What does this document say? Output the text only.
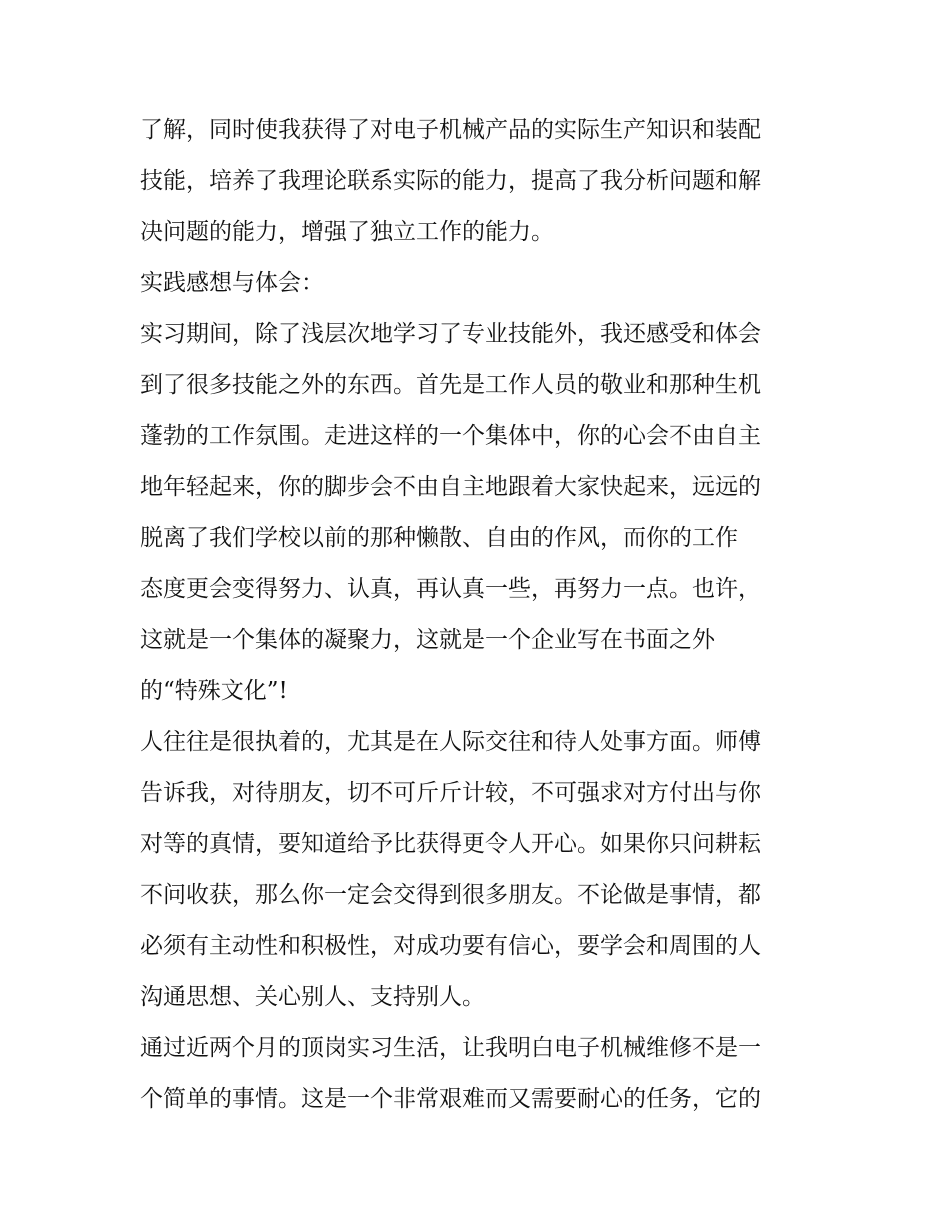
了解，同时使我获得了对电子机械产品的实际生产知识和装配
技能，培养了我理论联系实际的能力，提高了我分析问题和解
决问题的能力，增强了独立工作的能力。
实践感想与体会：
实习期间，除了浅层次地学习了专业技能外，我还感受和体会
到了很多技能之外的东西。首先是工作人员的敬业和那种生机
蓬勃的工作氛围。走进这样的一个集体中，你的心会不由自主
地年轻起来，你的脚步会不由自主地跟着大家快起来，远远的
脱离了我们学校以前的那种懒散、自由的作风，而你的工作
态度更会变得努力、认真，再认真一些，再努力一点。也许，
这就是一个集体的凝聚力，这就是一个企业写在书面之外
的“特殊文化”!
人往往是很执着的，尤其是在人际交往和待人处事方面。师傅
告诉我，对待朋友，切不可斤斤计较，不可强求对方付出与你
对等的真情，要知道给予比获得更令人开心。如果你只问耕耘
不问收获，那么你一定会交得到很多朋友。不论做是事情，都
必须有主动性和积极性，对成功要有信心，要学会和周围的人
沟通思想、关心别人、支持别人。
通过近两个月的顶岗实习生活，让我明白电子机械维修不是一
个简单的事情。这是一个非常艰难而又需要耐心的任务，它的
